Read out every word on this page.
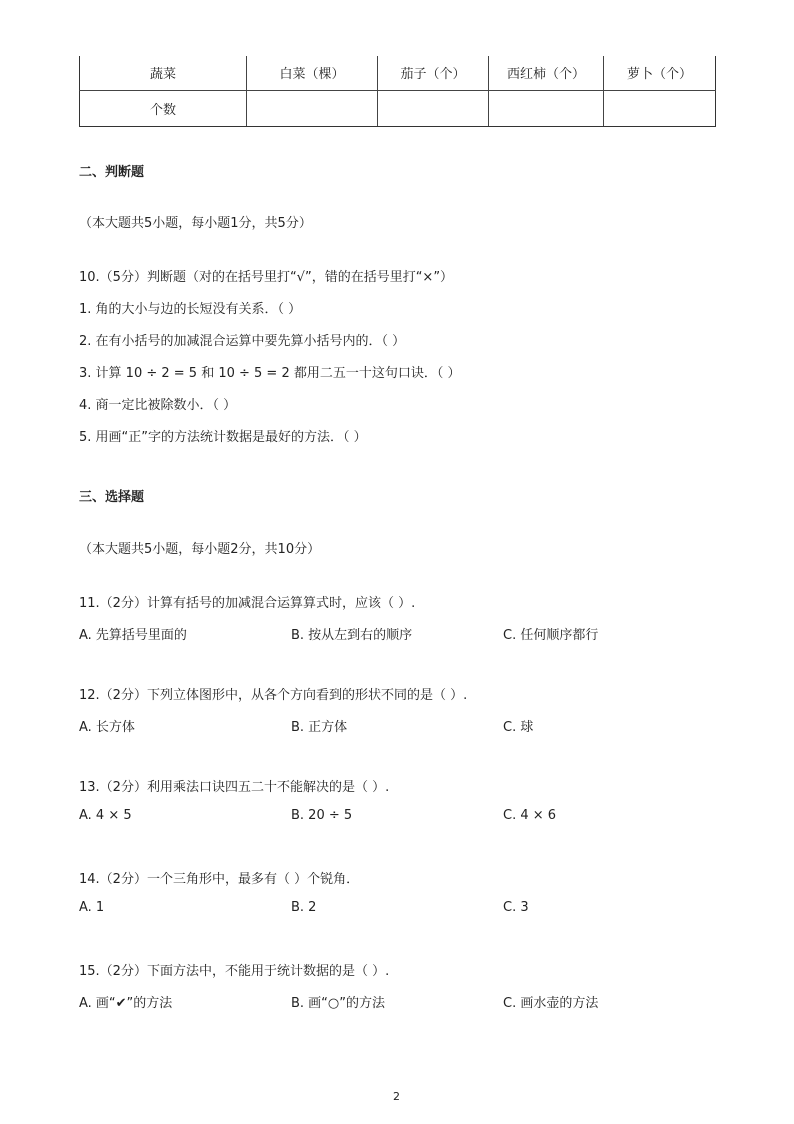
蔬菜	白菜（棵）	茄子（个）	西红柿（个）	萝卜（个）
个数				
二、判断题
（本大题共5小题，每小题1分，共5分）
10.（5分）判断题（对的在括号里打“√”，错的在括号里打“×”）
1. 角的大小与边的长短没有关系．（ ）
2. 在有小括号的加减混合运算中要先算小括号内的．（ ）
3. 计算 10 ÷ 2 = 5 和 10 ÷ 5 = 2 都用二五一十这句口诀．（ ）
4. 商一定比被除数小．（ ）
5. 用画“正”字的方法统计数据是最好的方法．（ ）
三、选择题
（本大题共5小题，每小题2分，共10分）
11.（2分）计算有括号的加减混合运算算式时，应该（ ）.
A. 先算括号里面的	B. 按从左到右的顺序	C. 任何顺序都行
12.（2分）下列立体图形中，从各个方向看到的形状不同的是（ ）.
A. 长方体	B. 正方体	C. 球
13.（2分）利用乘法口诀四五二十不能解决的是（ ）.
A. 4 × 5	B. 20 ÷ 5	C. 4 × 6
14.（2分）一个三角形中，最多有（ ）个锐角．
A. 1	B. 2	C. 3
15.（2分）下面方法中，不能用于统计数据的是（ ）.
A. 画“✔”的方法	B. 画“○”的方法	C. 画水壶的方法
2
